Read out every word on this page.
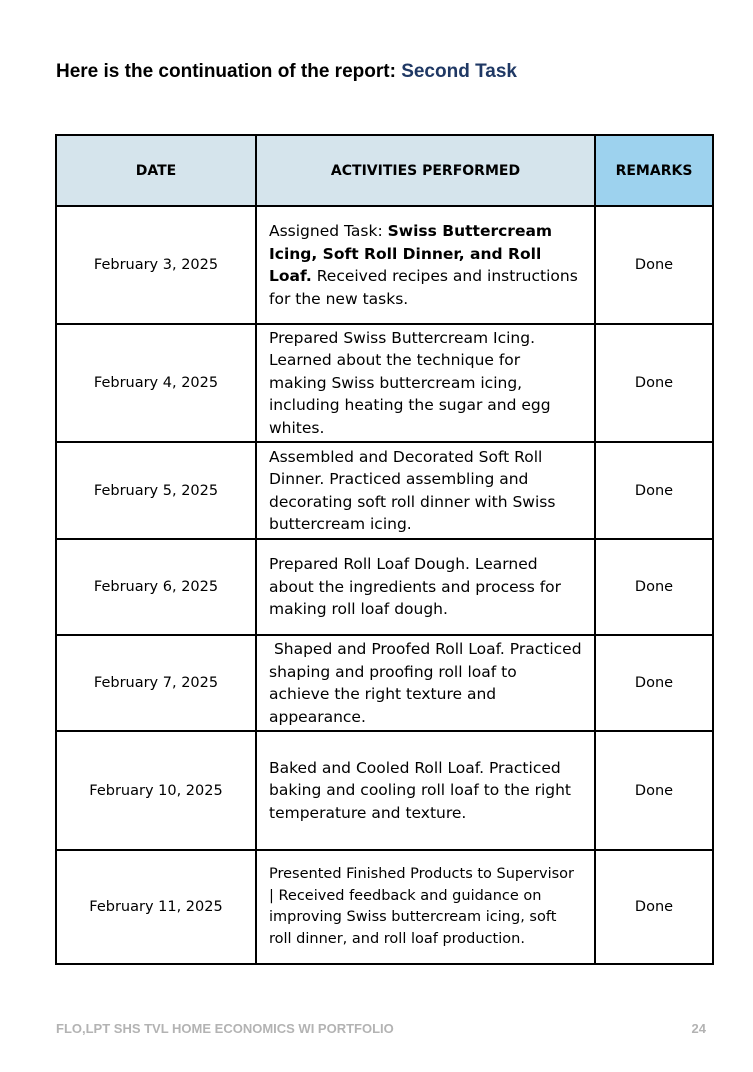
Here is the continuation of the report: Second Task
DATE	ACTIVITIES PERFORMED	REMARKS
February 3, 2025	Assigned Task: Swiss Buttercream Icing, Soft Roll Dinner, and Roll Loaf. Received recipes and instructions for the new tasks.	Done
February 4, 2025	Prepared Swiss Buttercream Icing. Learned about the technique for making Swiss buttercream icing, including heating the sugar and egg whites.	Done
February 5, 2025	Assembled and Decorated Soft Roll Dinner. Practiced assembling and decorating soft roll dinner with Swiss buttercream icing.	Done
February 6, 2025	Prepared Roll Loaf Dough. Learned about the ingredients and process for making roll loaf dough.	Done
February 7, 2025	Shaped and Proofed Roll Loaf. Practiced shaping and proofing roll loaf to achieve the right texture and appearance.	Done
February 10, 2025	Baked and Cooled Roll Loaf. Practiced baking and cooling roll loaf to the right temperature and texture.	Done
February 11, 2025	Presented Finished Products to Supervisor | Received feedback and guidance on improving Swiss buttercream icing, soft roll dinner, and roll loaf production.	Done
FLO,LPT SHS TVL HOME ECONOMICS WI PORTFOLIO	24
